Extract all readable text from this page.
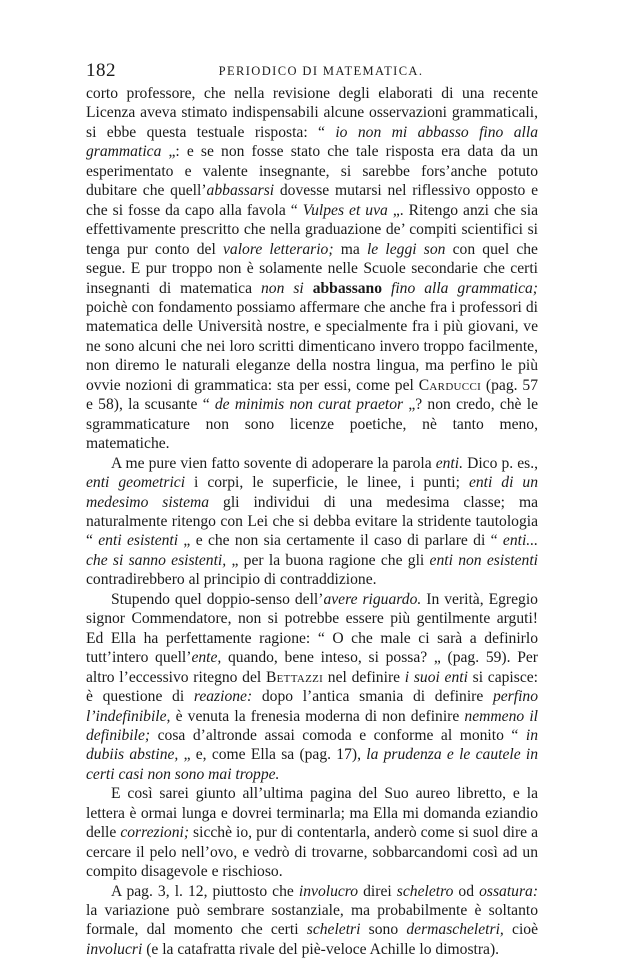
182	PERIODICO DI MATEMATICA.

corto professore, che nella revisione degli elaborati di una recente Licenza aveva stimato indispensabili alcune osservazioni grammaticali, si ebbe questa testuale risposta: “ io non mi abbasso fino alla grammatica „: e se non fosse stato che tale risposta era data da un esperimentato e valente insegnante, si sarebbe fors’anche potuto dubitare che quell’abbassarsi dovesse mutarsi nel riflessivo opposto e che si fosse da capo alla favola “ Vulpes et uva „. Ritengo anzi che sia effettivamente prescritto che nella graduazione de’ compiti scientifici si tenga pur conto del valore letterario; ma le leggi son con quel che segue. E pur troppo non è solamente nelle Scuole secondarie che certi insegnanti di matematica non si abbassano fino alla grammatica; poichè con fondamento possiamo affermare che anche fra i professori di matematica delle Università nostre, e specialmente fra i più giovani, ve ne sono alcuni che nei loro scritti dimenticano invero troppo facilmente, non diremo le naturali eleganze della nostra lingua, ma perfino le più ovvie nozioni di grammatica: sta per essi, come pel Carducci (pag. 57 e 58), la scusante “ de minimis non curat praetor „? non credo, chè le sgrammaticature non sono licenze poetiche, nè tanto meno, matematiche.

A me pure vien fatto sovente di adoperare la parola enti. Dico p. es., enti geometrici i corpi, le superficie, le linee, i punti; enti di un medesimo sistema gli individui di una medesima classe; ma naturalmente ritengo con Lei che si debba evitare la stridente tautologia “ enti esistenti „ e che non sia certamente il caso di parlare di “ enti... che si sanno esistenti, „ per la buona ragione che gli enti non esistenti contradirebbero al principio di contraddizione.

Stupendo quel doppio-senso dell’avere riguardo. In verità, Egregio signor Commendatore, non si potrebbe essere più gentilmente arguti! Ed Ella ha perfettamente ragione: “ O che male ci sarà a definirlo tutt’intero quell’ente, quando, bene inteso, si possa? „ (pag. 59). Per altro l’eccessivo ritegno del Bettazzi nel definire i suoi enti si capisce: è questione di reazione: dopo l’antica smania di definire perfino l’indefinibile, è venuta la frenesia moderna di non definire nemmeno il definibile; cosa d’altronde assai comoda e conforme al monito “ in dubiis abstine, „ e, come Ella sa (pag. 17), la prudenza e le cautele in certi casi non sono mai troppe.

E così sarei giunto all’ultima pagina del Suo aureo libretto, e la lettera è ormai lunga e dovrei terminarla; ma Ella mi domanda eziandio delle correzioni; sicchè io, pur di contentarla, anderò come si suol dire a cercare il pelo nell’ovo, e vedrò di trovarne, sobbarcandomi così ad un compito disagevole e rischioso.

A pag. 3, l. 12, piuttosto che involucro direi scheletro od ossatura: la variazione può sembrare sostanziale, ma probabilmente è soltanto formale, dal momento che certi scheletri sono dermascheletri, cioè involucri (e la catafratta rivale del piè-veloce Achille lo dimostra).
